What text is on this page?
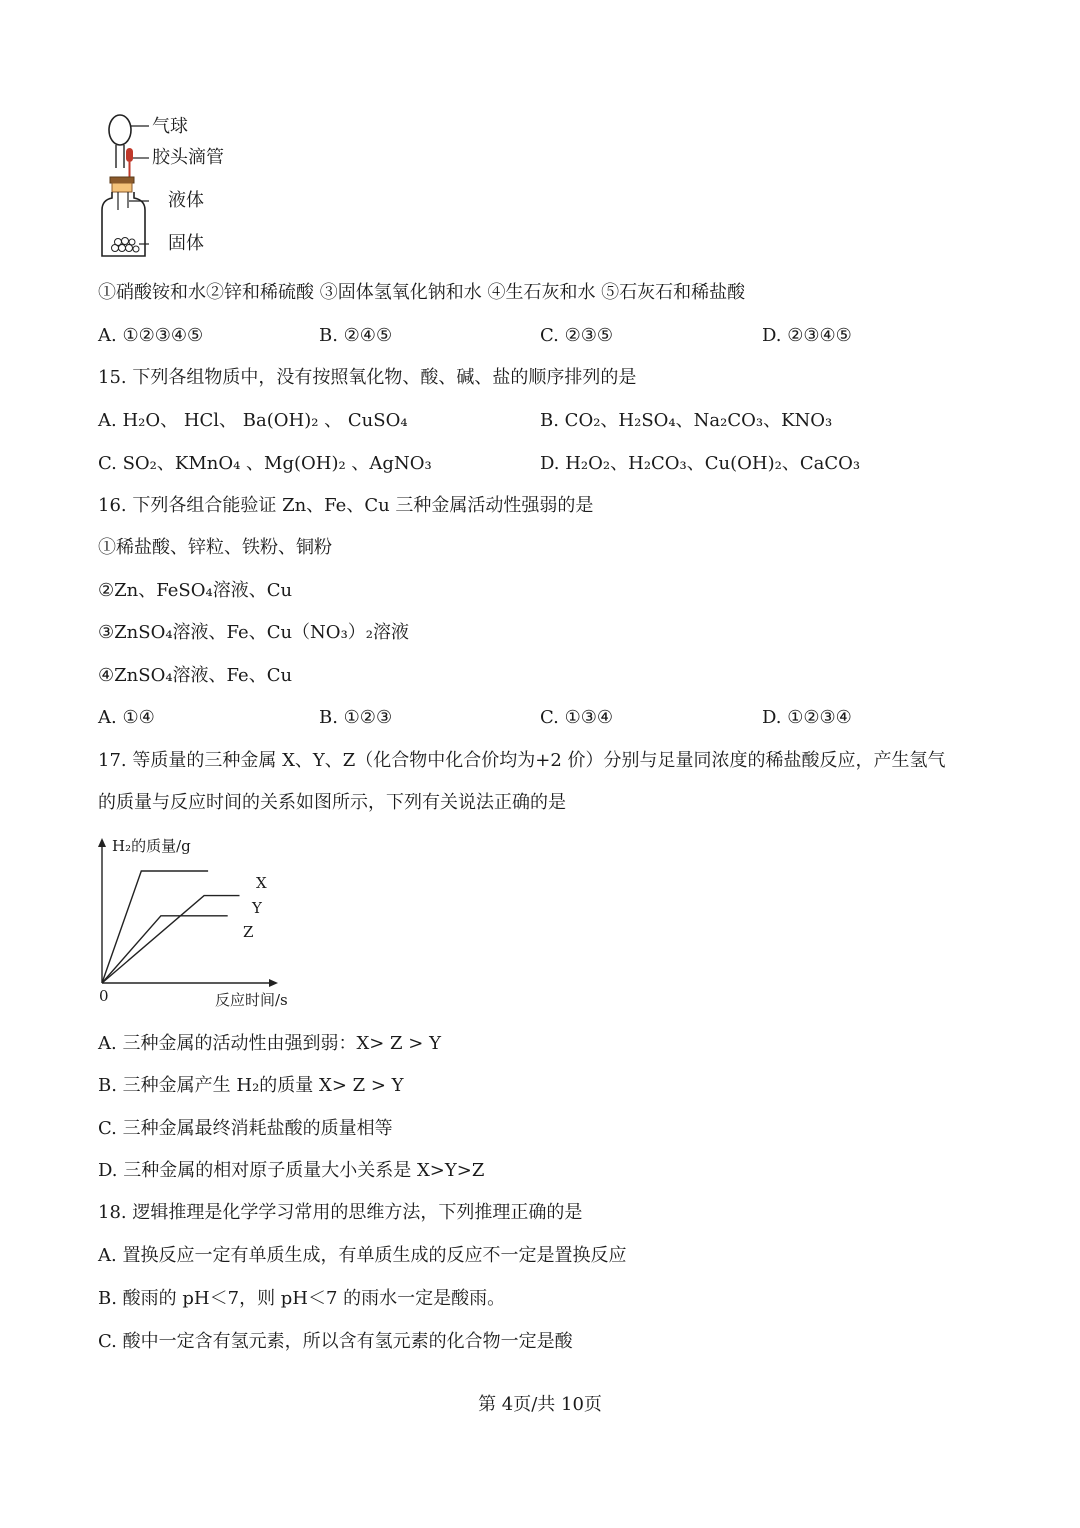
气球
胶头滴管
液体
固体
①硝酸铵和水②锌和稀硫酸 ③固体氢氧化钠和水 ④生石灰和水 ⑤石灰石和稀盐酸
A. ①②③④⑤	B. ②④⑤	C. ②③⑤	D. ②③④⑤
15. 下列各组物质中，没有按照氧化物、酸、碱、盐的顺序排列的是
A. H₂O、 HCl、 Ba(OH)₂ 、 CuSO₄	B. CO₂、H₂SO₄、Na₂CO₃、KNO₃
C. SO₂、KMnO₄ 、Mg(OH)₂ 、AgNO₃	D. H₂O₂、H₂CO₃、Cu(OH)₂、CaCO₃
16. 下列各组合能验证 Zn、Fe、Cu 三种金属活动性强弱的是
①稀盐酸、锌粒、铁粉、铜粉
②Zn、FeSO₄溶液、Cu
③ZnSO₄溶液、Fe、Cu（NO₃）₂溶液
④ZnSO₄溶液、Fe、Cu
A. ①④	B. ①②③	C. ①③④	D. ①②③④
17. 等质量的三种金属 X、Y、Z（化合物中化合价均为+2 价）分别与足量同浓度的稀盐酸反应，产生氢气
的质量与反应时间的关系如图所示，下列有关说法正确的是
H₂的质量/g
0	反应时间/s
X
Y
Z
A. 三种金属的活动性由强到弱：X> Z > Y
B. 三种金属产生 H₂的质量 X> Z > Y
C. 三种金属最终消耗盐酸的质量相等
D. 三种金属的相对原子质量大小关系是 X>Y>Z
18. 逻辑推理是化学学习常用的思维方法，下列推理正确的是
A. 置换反应一定有单质生成，有单质生成的反应不一定是置换反应
B. 酸雨的 pH＜7，则 pH＜7 的雨水一定是酸雨。
C. 酸中一定含有氢元素，所以含有氢元素的化合物一定是酸
第 4页/共 10页
